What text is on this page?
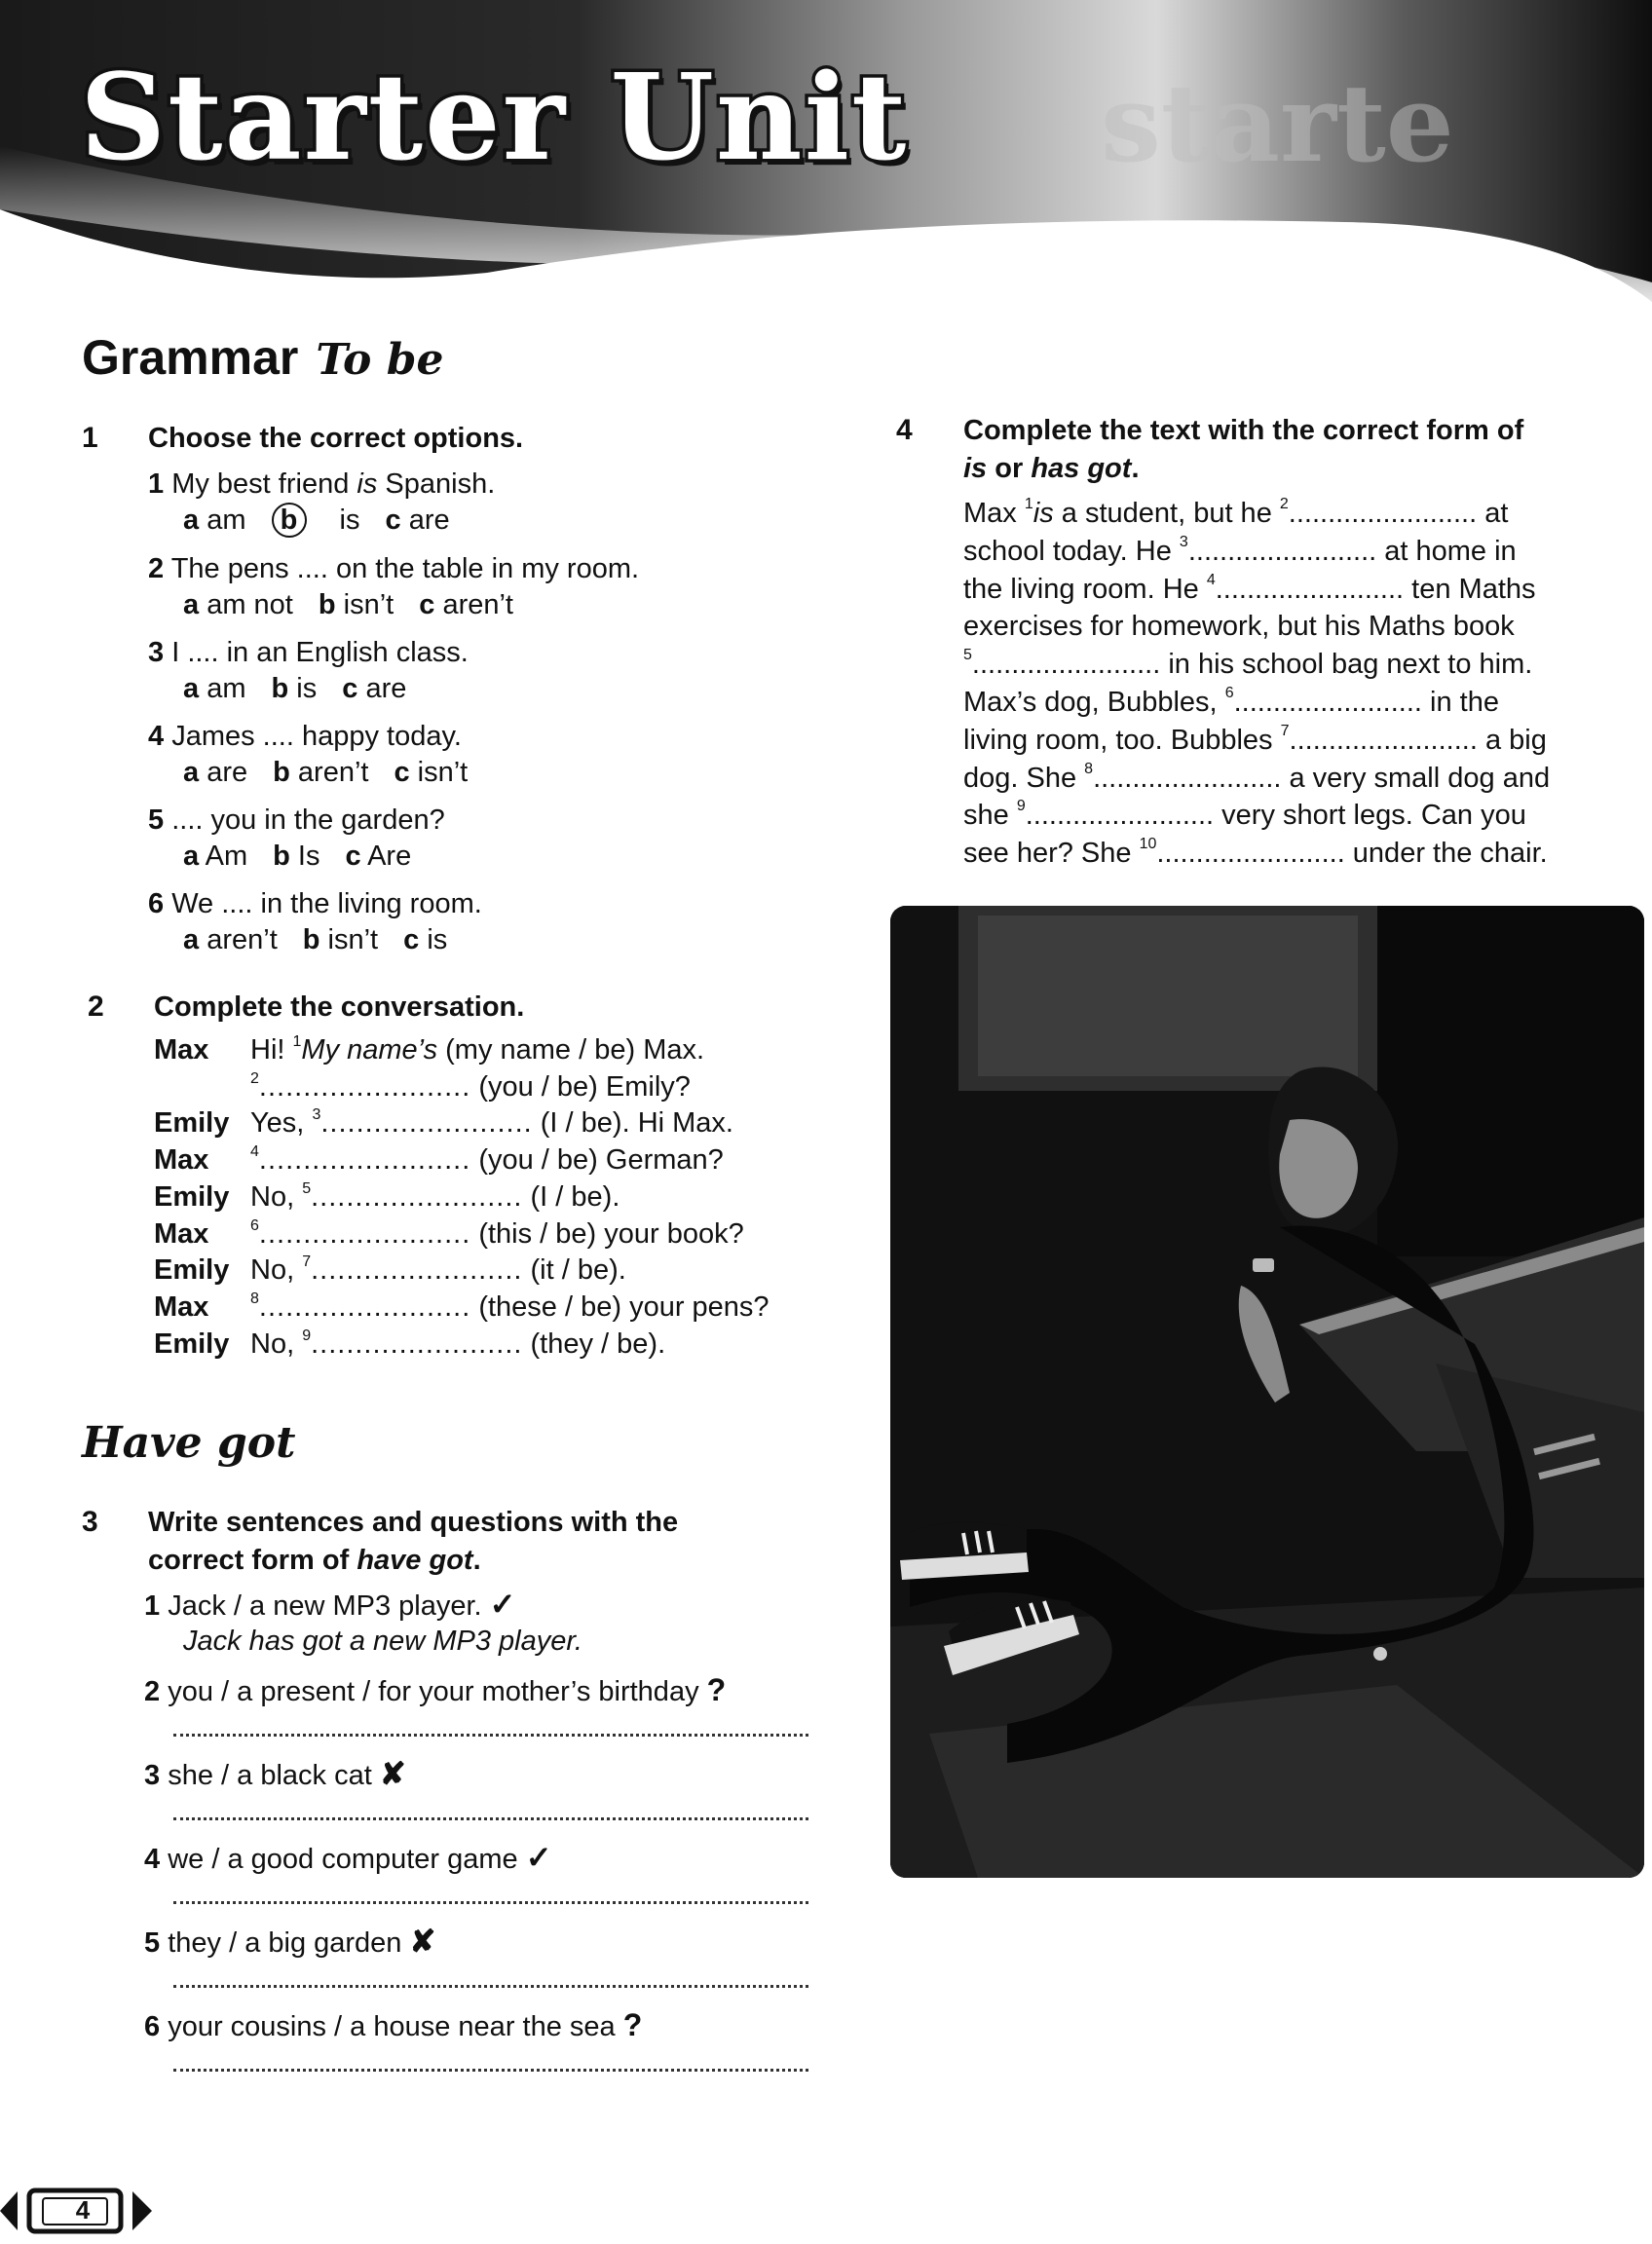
starte
Starter Unit
Grammar To be
1 Choose the correct options.
1 My best friend is Spanish.
a am b is c are
2 The pens .... on the table in my room.
a am not b isn’t c aren’t
3 I .... in an English class.
a am b is c are
4 James .... happy today.
a are b aren’t c isn’t
5 .... you in the garden?
a Am b Is c Are
6 We .... in the living room.
a aren’t b isn’t c is
2 Complete the conversation.
Max	Hi! $^1$My name’s (my name / be) Max.
$^2$........................ (you / be) Emily?
Emily Yes, $^3$........................ (I / be). Hi Max.
Max	$^4$........................ (you / be) German?
Emily No, $^5$........................ (I / be).
Max	$^6$........................ (this / be) your book?
Emily No, $^7$........................ (it / be).
Max	$^8$........................ (these / be) your pens?
Emily No, $^9$........................ (they / be).
Have got
3 Write sentences and questions with the
correct form of have got.
1 Jack / a new MP3 player. ✓
Jack has got a new MP3 player.
2 you / a present / for your mother’s birthday ?
3 she / a black cat ✘
4 we / a good computer game ✓
5 they / a big garden ✘
6 your cousins / a house near the sea ?
4 Complete the text with the correct form of
is or has got.

Max $^1$is a student, but he $^2$........................ at

school today. He $^3$........................ at home in

the living room. He $^4$........................ ten Maths

exercises for homework, but his Maths book

$^5$........................ in his school bag next to him.

Max’s dog, Bubbles, $^6$........................ in the

living room, too. Bubbles $^7$........................ a big

dog. She $^8$........................ a very small dog and

she $^9$........................ very short legs. Can you

see her? She $^{10}$........................ under the chair.

4
